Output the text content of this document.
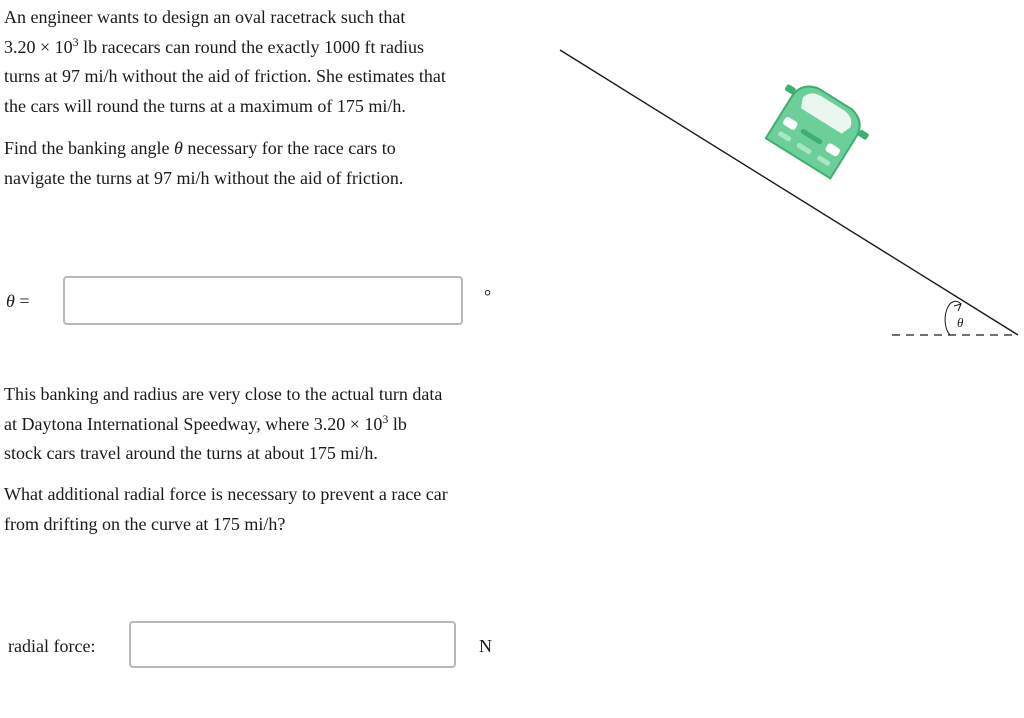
An engineer wants to design an oval racetrack such that
$3.20 \times 10^3$ lb racecars can round the exactly 1000 ft radius
turns at 97 mi/h without the aid of friction. She estimates that
the cars will round the turns at a maximum of 175 mi/h.

Find the banking angle θ necessary for the race cars to
navigate the turns at 97 mi/h without the aid of friction.

θ =	°

This banking and radius are very close to the actual turn data
at Daytona International Speedway, where $3.20 \times 10^3$ lb
stock cars travel around the turns at about 175 mi/h.

What additional radial force is necessary to prevent a race car
from drifting on the curve at 175 mi/h?

radial force:	N
θ
